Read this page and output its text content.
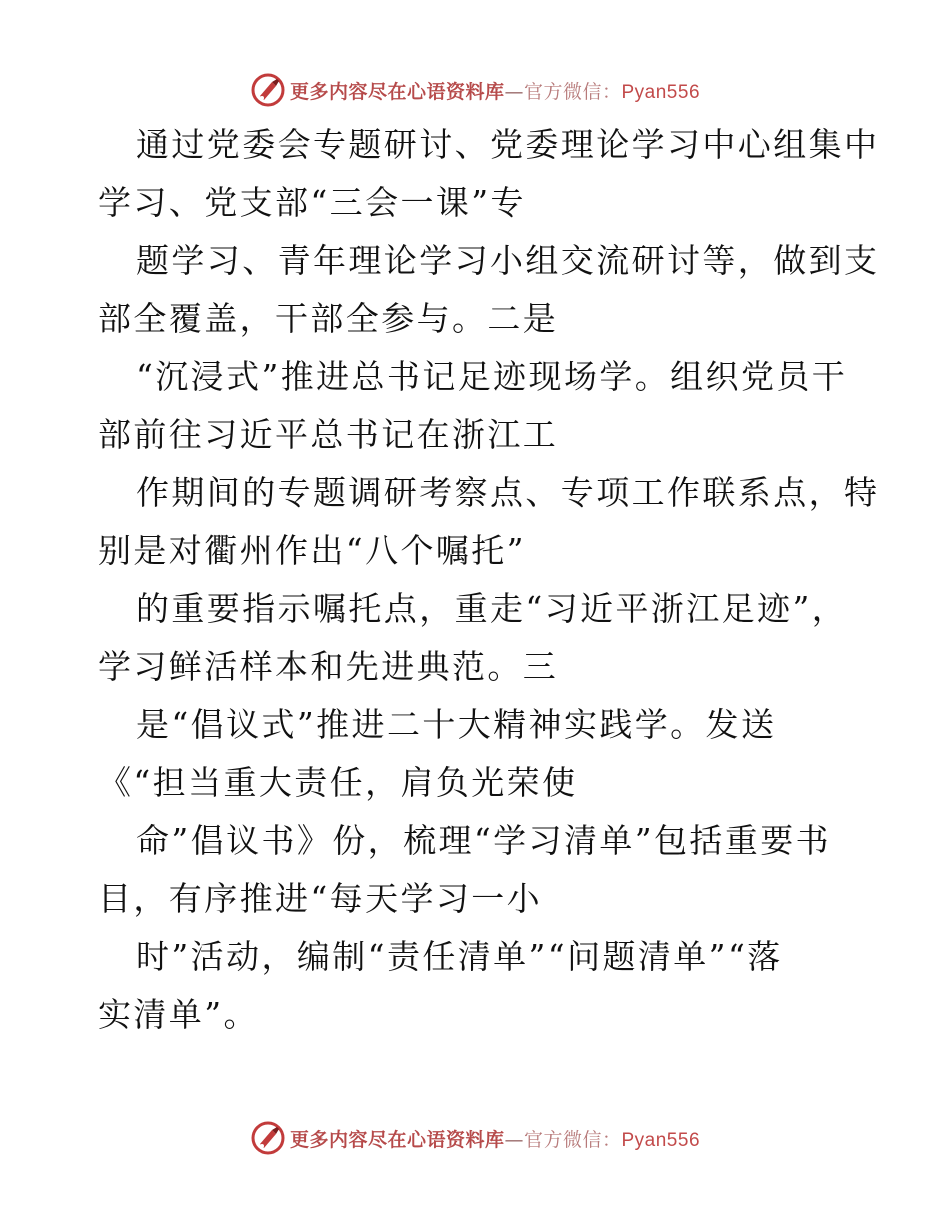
更多内容尽在心语资料库—官方微信：Pyan556
通过党委会专题研讨、党委理论学习中心组集中
学习、党支部“三会一课”专
题学习、青年理论学习小组交流研讨等，做到支
部全覆盖，干部全参与。二是
“沉浸式”推进总书记足迹现场学。组织党员干
部前往习近平总书记在浙江工
作期间的专题调研考察点、专项工作联系点，特
别是对衢州作出“八个嘱托”
的重要指示嘱托点，重走“习近平浙江足迹”，
学习鲜活样本和先进典范。三
是“倡议式”推进二十大精神实践学。发送
《“担当重大责任，肩负光荣使
命”倡议书》份，梳理“学习清单”包括重要书
目，有序推进“每天学习一小
时”活动，编制“责任清单”“问题清单”“落
实清单”。
更多内容尽在心语资料库—官方微信：Pyan556
